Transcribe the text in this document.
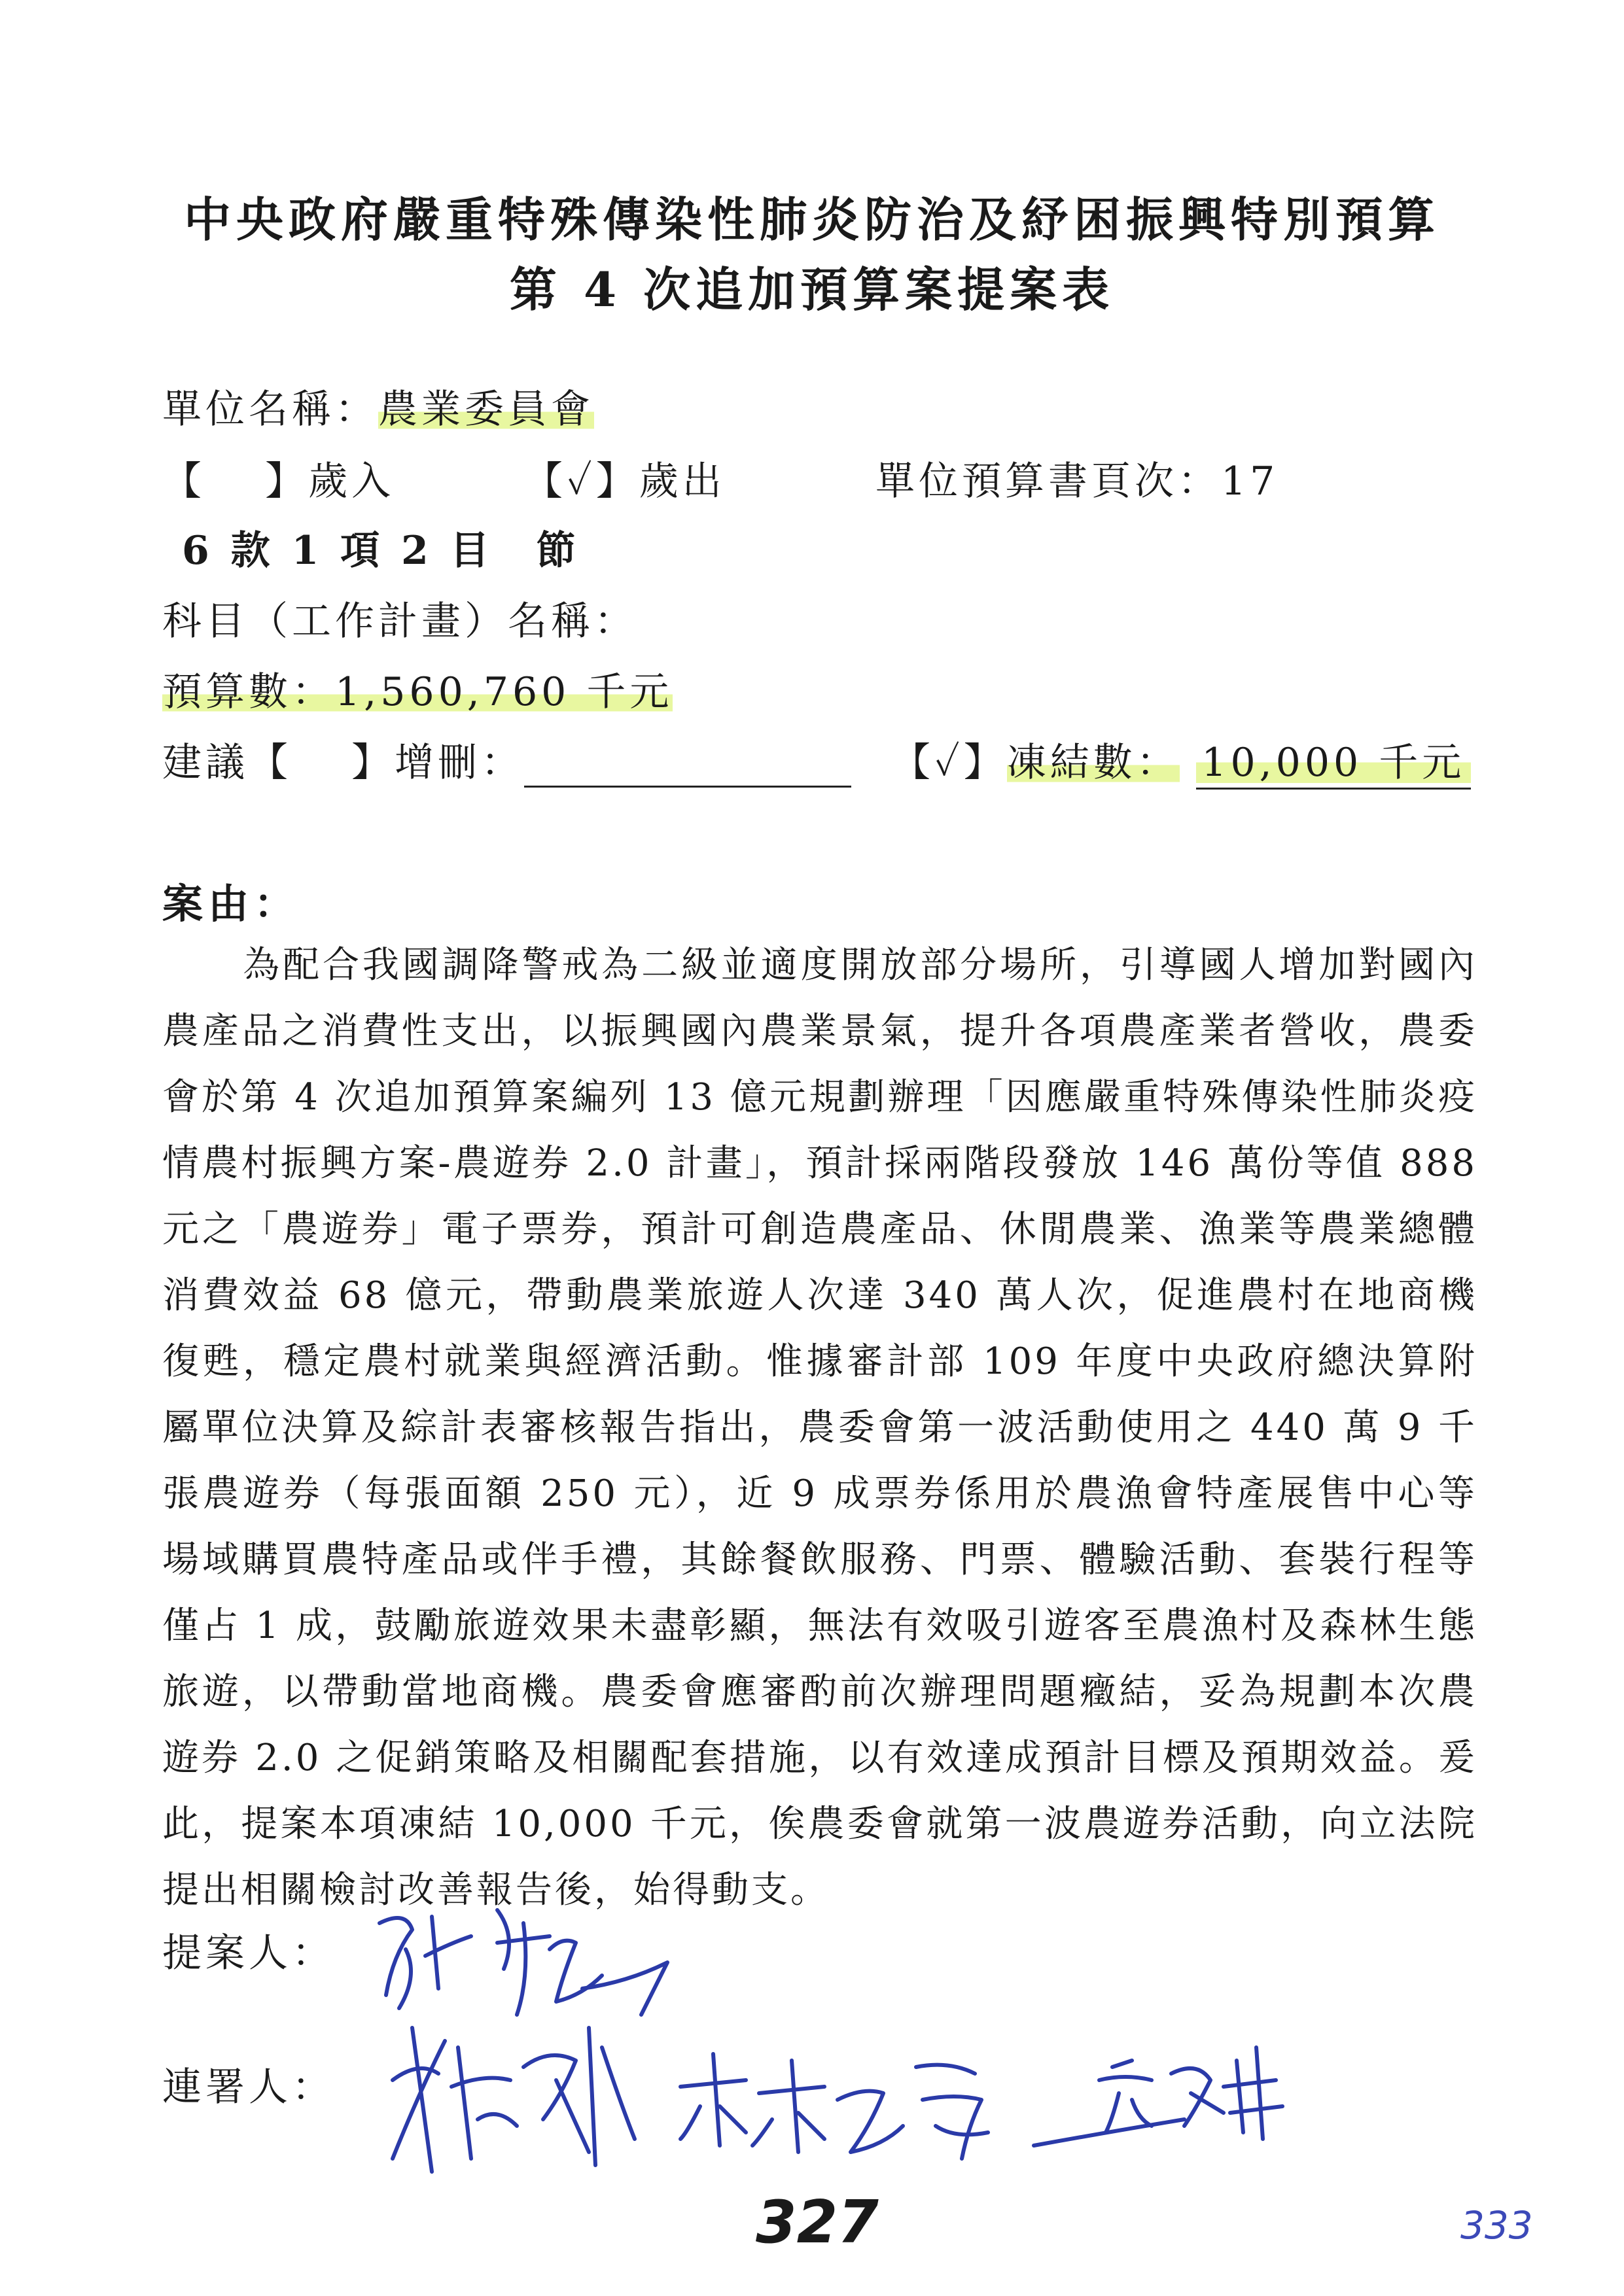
中央政府嚴重特殊傳染性肺炎防治及紓困振興特別預算
第 4 次追加預算案提案表
單位名稱：農業委員會
【　 】歲入	【✓】歲出	單位預算書頁次：17
6 款 1 項 2 目　節
科目（工作計畫）名稱：
預算數：1,560,760 千元
建議【　 】增刪：	【✓】凍結數： 10,000 千元
案由：
為配合我國調降警戒為二級並適度開放部分場所，引導國人增加對國內農產品之消費性支出，以振興國內農業景氣，提升各項農產業者營收，農委會於第 4 次追加預算案編列 13 億元規劃辦理「因應嚴重特殊傳染性肺炎疫情農村振興方案-農遊券 2.0 計畫」，預計採兩階段發放 146 萬份等值 888 元之「農遊券」電子票券，預計可創造農產品、休閒農業、漁業等農業總體消費效益 68 億元，帶動農業旅遊人次達 340 萬人次，促進農村在地商機復甦，穩定農村就業與經濟活動。惟據審計部 109 年度中央政府總決算附屬單位決算及綜計表審核報告指出，農委會第一波活動使用之 440 萬 9 千張農遊券（每張面額 250 元），近 9 成票券係用於農漁會特產展售中心等場域購買農特產品或伴手禮，其餘餐飲服務、門票、體驗活動、套裝行程等僅占 1 成，鼓勵旅遊效果未盡彰顯，無法有效吸引遊客至農漁村及森林生態旅遊，以帶動當地商機。農委會應審酌前次辦理問題癥結，妥為規劃本次農遊券 2.0 之促銷策略及相關配套措施，以有效達成預計目標及預期效益。爰此，提案本項凍結 10,000 千元，俟農委會就第一波農遊券活動，向立法院提出相關檢討改善報告後，始得動支。
提案人：
連署人：
327	333
